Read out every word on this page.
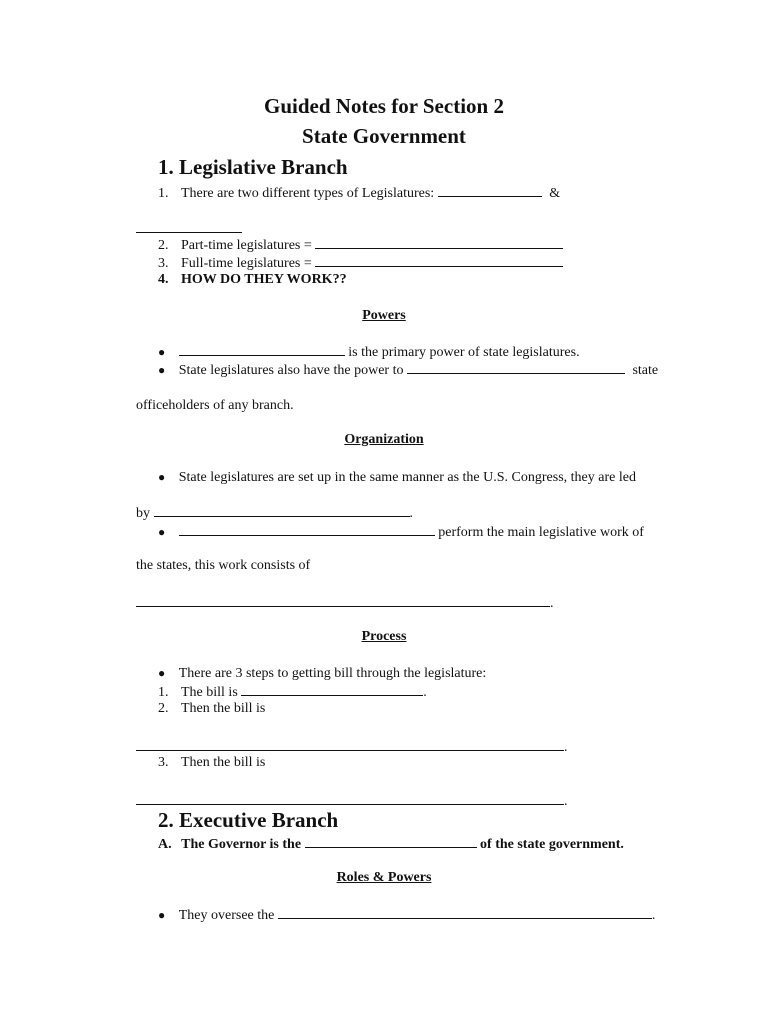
Guided Notes for Section 2
State Government
1. Legislative Branch
1. There are two different types of Legislatures:	&
2. Part-time legislatures =
3. Full-time legislatures =
4. HOW DO THEY WORK??
Powers
●	is the primary power of state legislatures.
● State legislatures also have the power to	state
officeholders of any branch.
Organization
● State legislatures are set up in the same manner as the U.S. Congress, they are led
by	.
●	perform the main legislative work of
the states, this work consists of
.
Process
● There are 3 steps to getting bill through the legislature:
1. The bill is	.
2. Then the bill is
.
3. Then the bill is
.
2. Executive Branch
A. The Governor is the	of the state government.
Roles & Powers
● They oversee the	.
